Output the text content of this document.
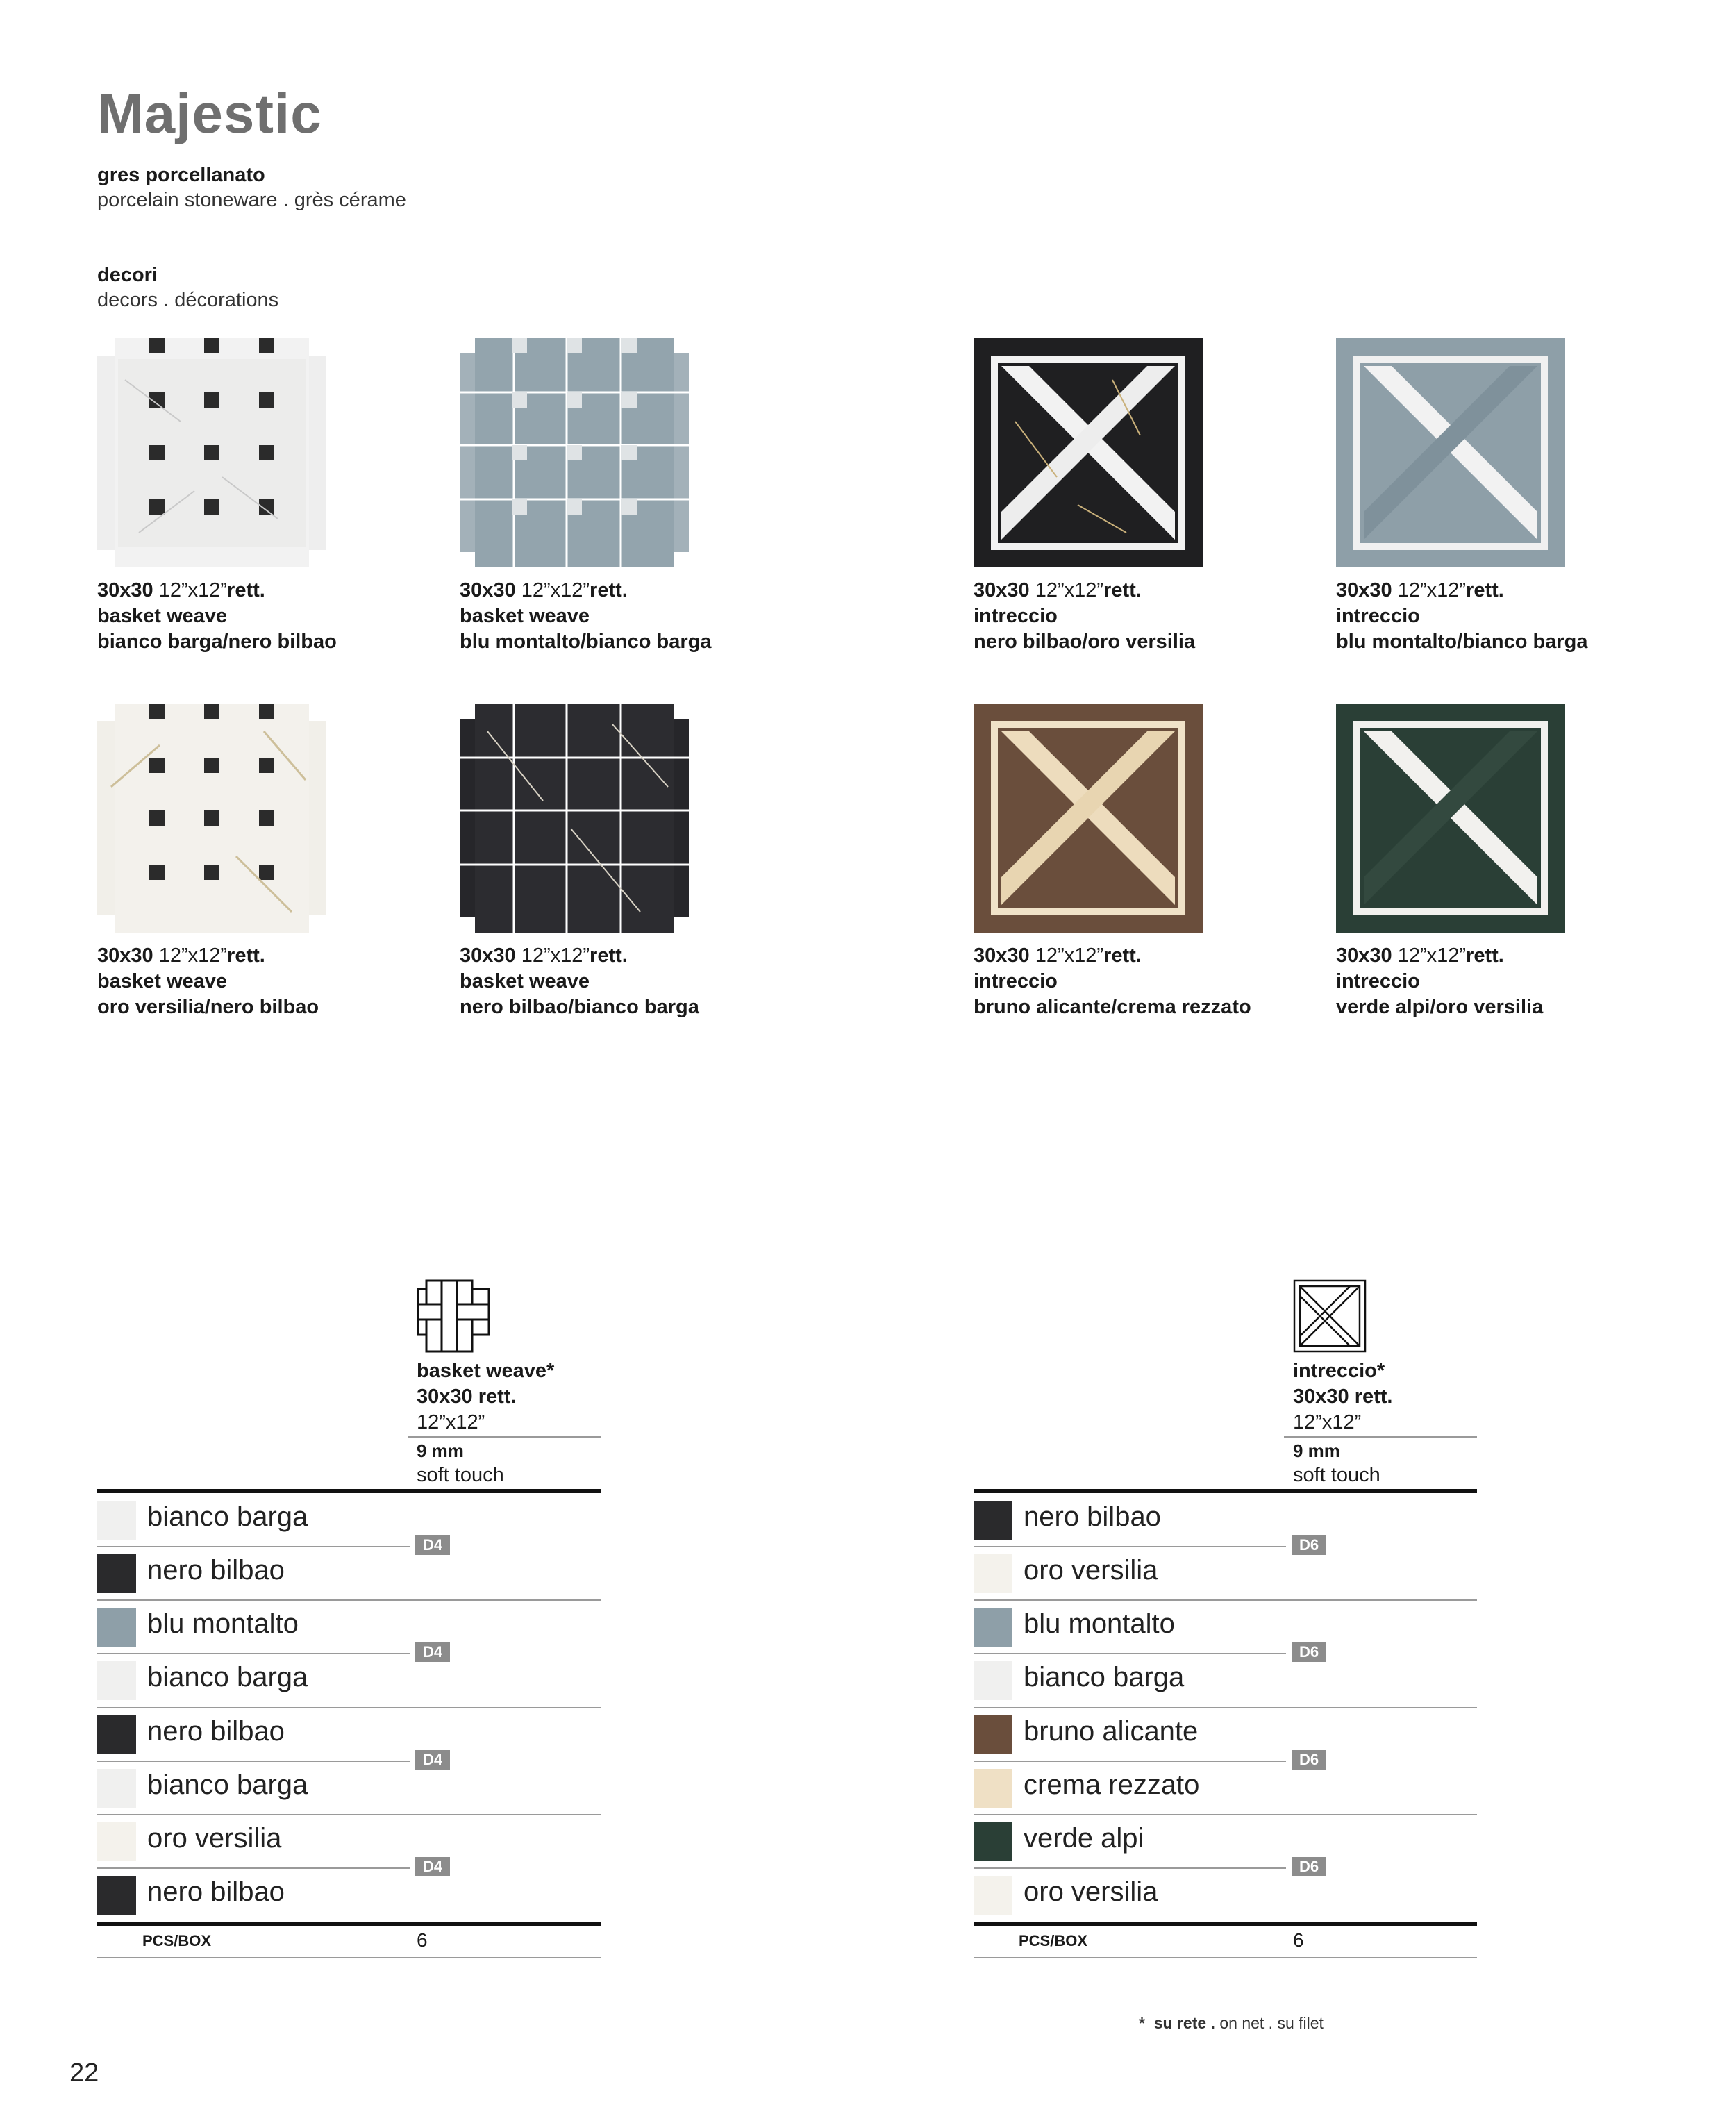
Majestic
gres porcellanato
porcelain stoneware . grès cérame
decori
decors . décorations
30x30 12”x12”rett.
basket weave
bianco barga/nero bilbao
30x30 12”x12”rett.
basket weave
blu montalto/bianco barga
30x30 12”x12”rett.
intreccio
nero bilbao/oro versilia
30x30 12”x12”rett.
intreccio
blu montalto/bianco barga
30x30 12”x12”rett.
basket weave
oro versilia/nero bilbao
30x30 12”x12”rett.
basket weave
nero bilbao/bianco barga
30x30 12”x12”rett.
intreccio
bruno alicante/crema rezzato
30x30 12”x12”rett.
intreccio
verde alpi/oro versilia
basket weave*
30x30 rett.
12”x12”
9 mm
soft touch
bianco barga
D4
nero bilbao
blu montalto
D4
bianco barga
nero bilbao
D4
bianco barga
oro versilia
D4
nero bilbao
PCS/BOX	6
intreccio*
30x30 rett.
12”x12”
9 mm
soft touch
nero bilbao
D6
oro versilia
blu montalto
D6
bianco barga
bruno alicante
D6
crema rezzato
verde alpi
D6
oro versilia
PCS/BOX	6
* su rete . on net . su filet
22
